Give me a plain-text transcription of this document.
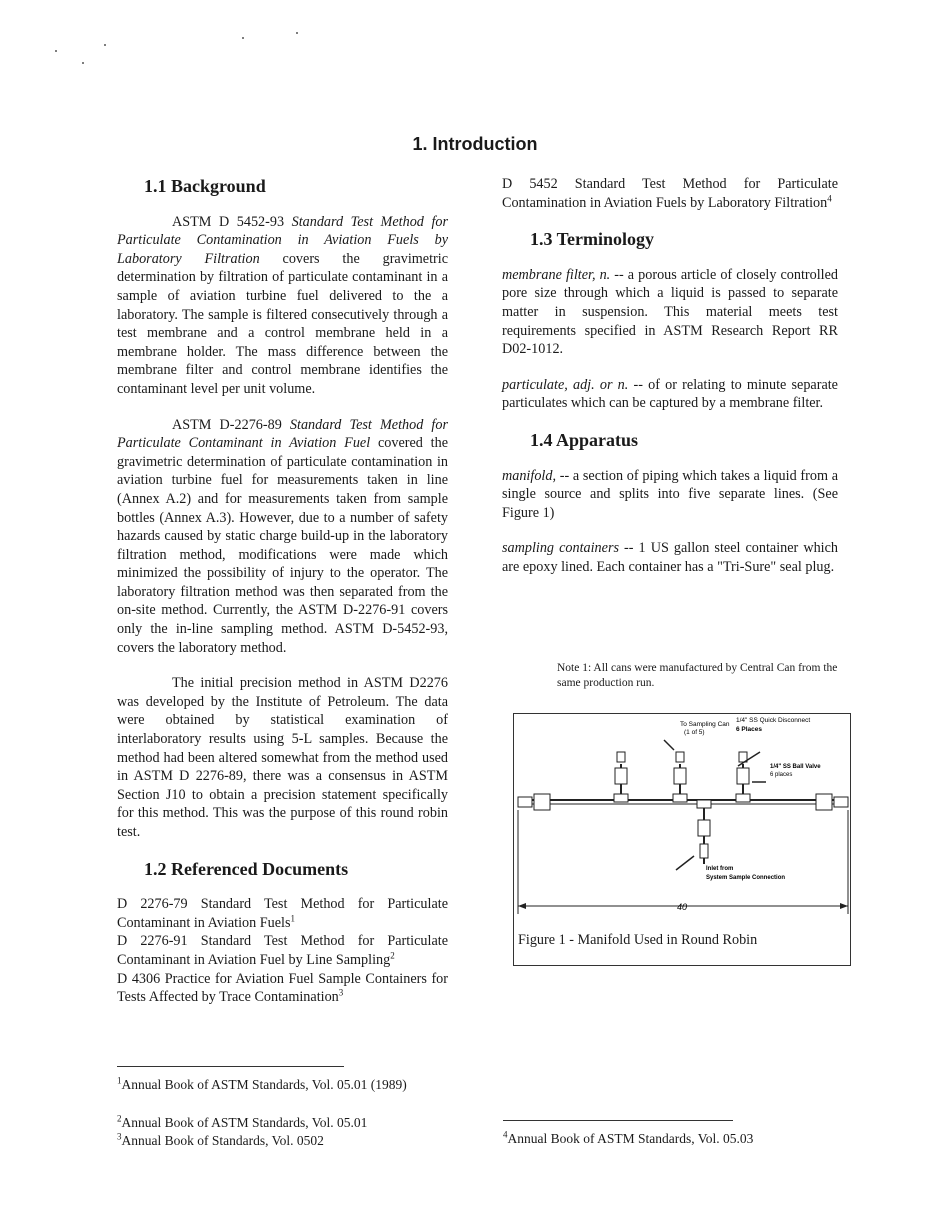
1. Introduction
1.1 Background

ASTM D 5452-93 Standard Test Method for Particulate Contamination in Aviation Fuels by Laboratory Filtration covers the gravimetric determination by filtration of particulate contaminant in a sample of aviation turbine fuel delivered to the a laboratory. The sample is filtered consecutively through a test membrane and a control membrane held in a membrane holder. The mass difference between the membrane filter and control membrane identifies the contaminant level per unit volume.

ASTM D-2276-89 Standard Test Method for Particulate Contaminant in Aviation Fuel covered the gravimetric determination of particulate contamination in aviation turbine fuel for measurements taken in line (Annex A.2) and for measurements taken from sample bottles (Annex A.3). However, due to a number of safety hazards caused by static charge build-up in the laboratory filtration method, modifications were made which minimized the possibility of injury to the operator. The laboratory filtration method was then separated from the on-site method. Currently, the ASTM D-2276-91 covers only the in-line sampling method. ASTM D-5452-93, covers the laboratory method.

The initial precision method in ASTM D2276 was developed by the Institute of Petroleum. The data were obtained by statistical examination of interlaboratory results using 5-L samples. Because the method had been altered somewhat from the method used in ASTM D 2276-89, there was a consensus in ASTM Section J10 to obtain a precision statement specifically for this method. This was the purpose of this round robin test.

1.2 Referenced Documents

D 2276-79 Standard Test Method for Particulate Contaminant in Aviation Fuels$^1$

D 2276-91 Standard Test Method for Particulate Contaminant in Aviation Fuel by Line Sampling$^2$

D 4306 Practice for Aviation Fuel Sample Containers for Tests Affected by Trace Contamination$^3$

D 5452 Standard Test Method for Particulate Contamination in Aviation Fuels by Laboratory Filtration$^4$

1.3 Terminology

membrane filter, n. -- a porous article of closely controlled pore size through which a liquid is passed to separate matter in suspension. This material meets test requirements specified in ASTM Research Report RR D02-1012.

particulate, adj. or n. -- of or relating to minute separate particulates which can be captured by a membrane filter.

1.4 Apparatus

manifold, -- a section of piping which takes a liquid from a single source and splits into five separate lines. (See Figure 1)

sampling containers -- 1 US gallon steel container which are epoxy lined. Each container has a "Tri-Sure" seal plug.

Note 1: All cans were manufactured by Central Can from the same production run.
To Sampling Can
(1 of 5)
1/4" SS Quick Disconnect
6 Places
1/4" SS Ball Valve
6 places
Inlet from
System Sample Connection
40
Figure 1 - Manifold Used in Round Robin
$^1$Annual Book of ASTM Standards, Vol. 05.01 (1989)
$^2$Annual Book of ASTM Standards, Vol. 05.01
$^3$Annual Book of Standards, Vol. 0502	$^4$Annual Book of ASTM Standards, Vol. 05.03
